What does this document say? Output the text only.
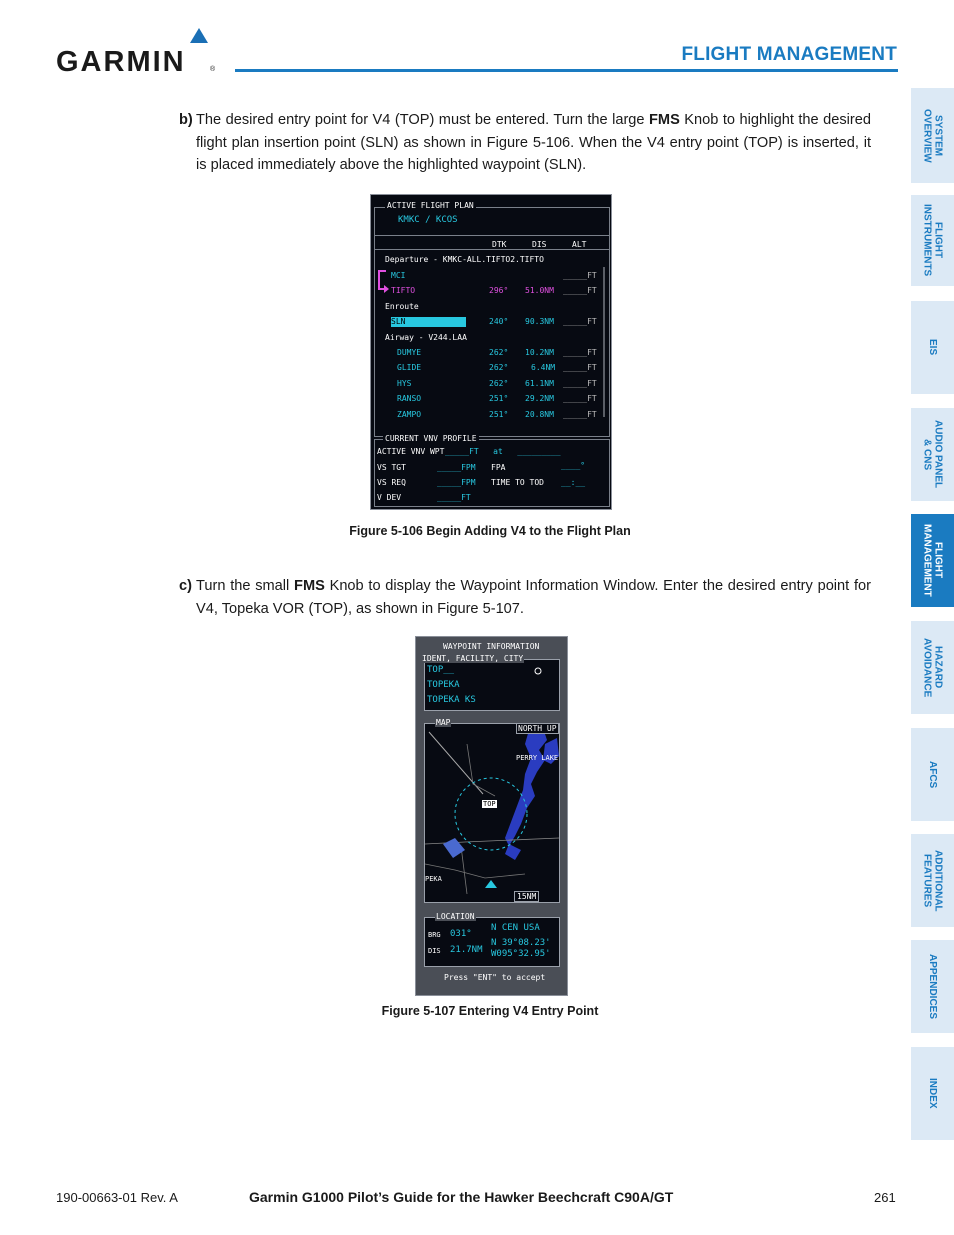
GARMIN	®
FLIGHT MANAGEMENT
SYSTEM
OVERVIEW
FLIGHT
INSTRUMENTS
EIS
AUDIO PANEL
& CNS
FLIGHT
MANAGEMENT
HAZARD
AVOIDANCE
AFCS
ADDITIONAL
FEATURES
APPENDICES
INDEX
b) The desired entry point for V4 (TOP) must be entered. Turn the large FMS Knob to highlight the desired flight plan insertion point (SLN) as shown in Figure 5-106. When the V4 entry point (TOP) is inserted, it is placed immediately above the highlighted waypoint (SLN).
ACTIVE FLIGHT PLAN
KMKC / KCOS
DTK	DIS	ALT
Departure - KMKC-ALL.TIFTO2.TIFTO
MCI	_____FT
TIFTO	296° 51.0NM _____FT
Enroute
SLN	240° 90.3NM _____FT
Airway - V244.LAA
DUMYE	262° 10.2NM _____FT
GLIDE	262°	6.4NM _____FT
HYS	262° 61.1NM _____FT
RANSO	251° 29.2NM _____FT
ZAMPO	251° 20.8NM _____FT
CURRENT VNV PROFILE
ACTIVE VNV WPT _____FT   at   _________
VS TGT	_____FPM FPA	____°
VS REQ	_____FPM TIME TO TOD __:__
V DEV	_____FT
Figure 5-106 Begin Adding V4 to the Flight Plan
c) Turn the small FMS Knob to display the Waypoint Information Window. Enter the desired entry point for V4, Topeka VOR (TOP), as shown in Figure 5-107.
WAYPOINT INFORMATION
IDENT, FACILITY, CITY
TOP__
TOPEKA
TOPEKA KS
MAP
NORTH UP
PERRY LAKE
TOP
PEKA
15NM
LOCATION
BRG 031°
DIS 21.7NM
N CEN USA
N 39°08.23'
W095°32.95'
Press "ENT" to accept
Figure 5-107 Entering V4 Entry Point
190-00663-01 Rev. A	Garmin G1000 Pilot’s Guide for the Hawker Beechcraft C90A/GT	261
